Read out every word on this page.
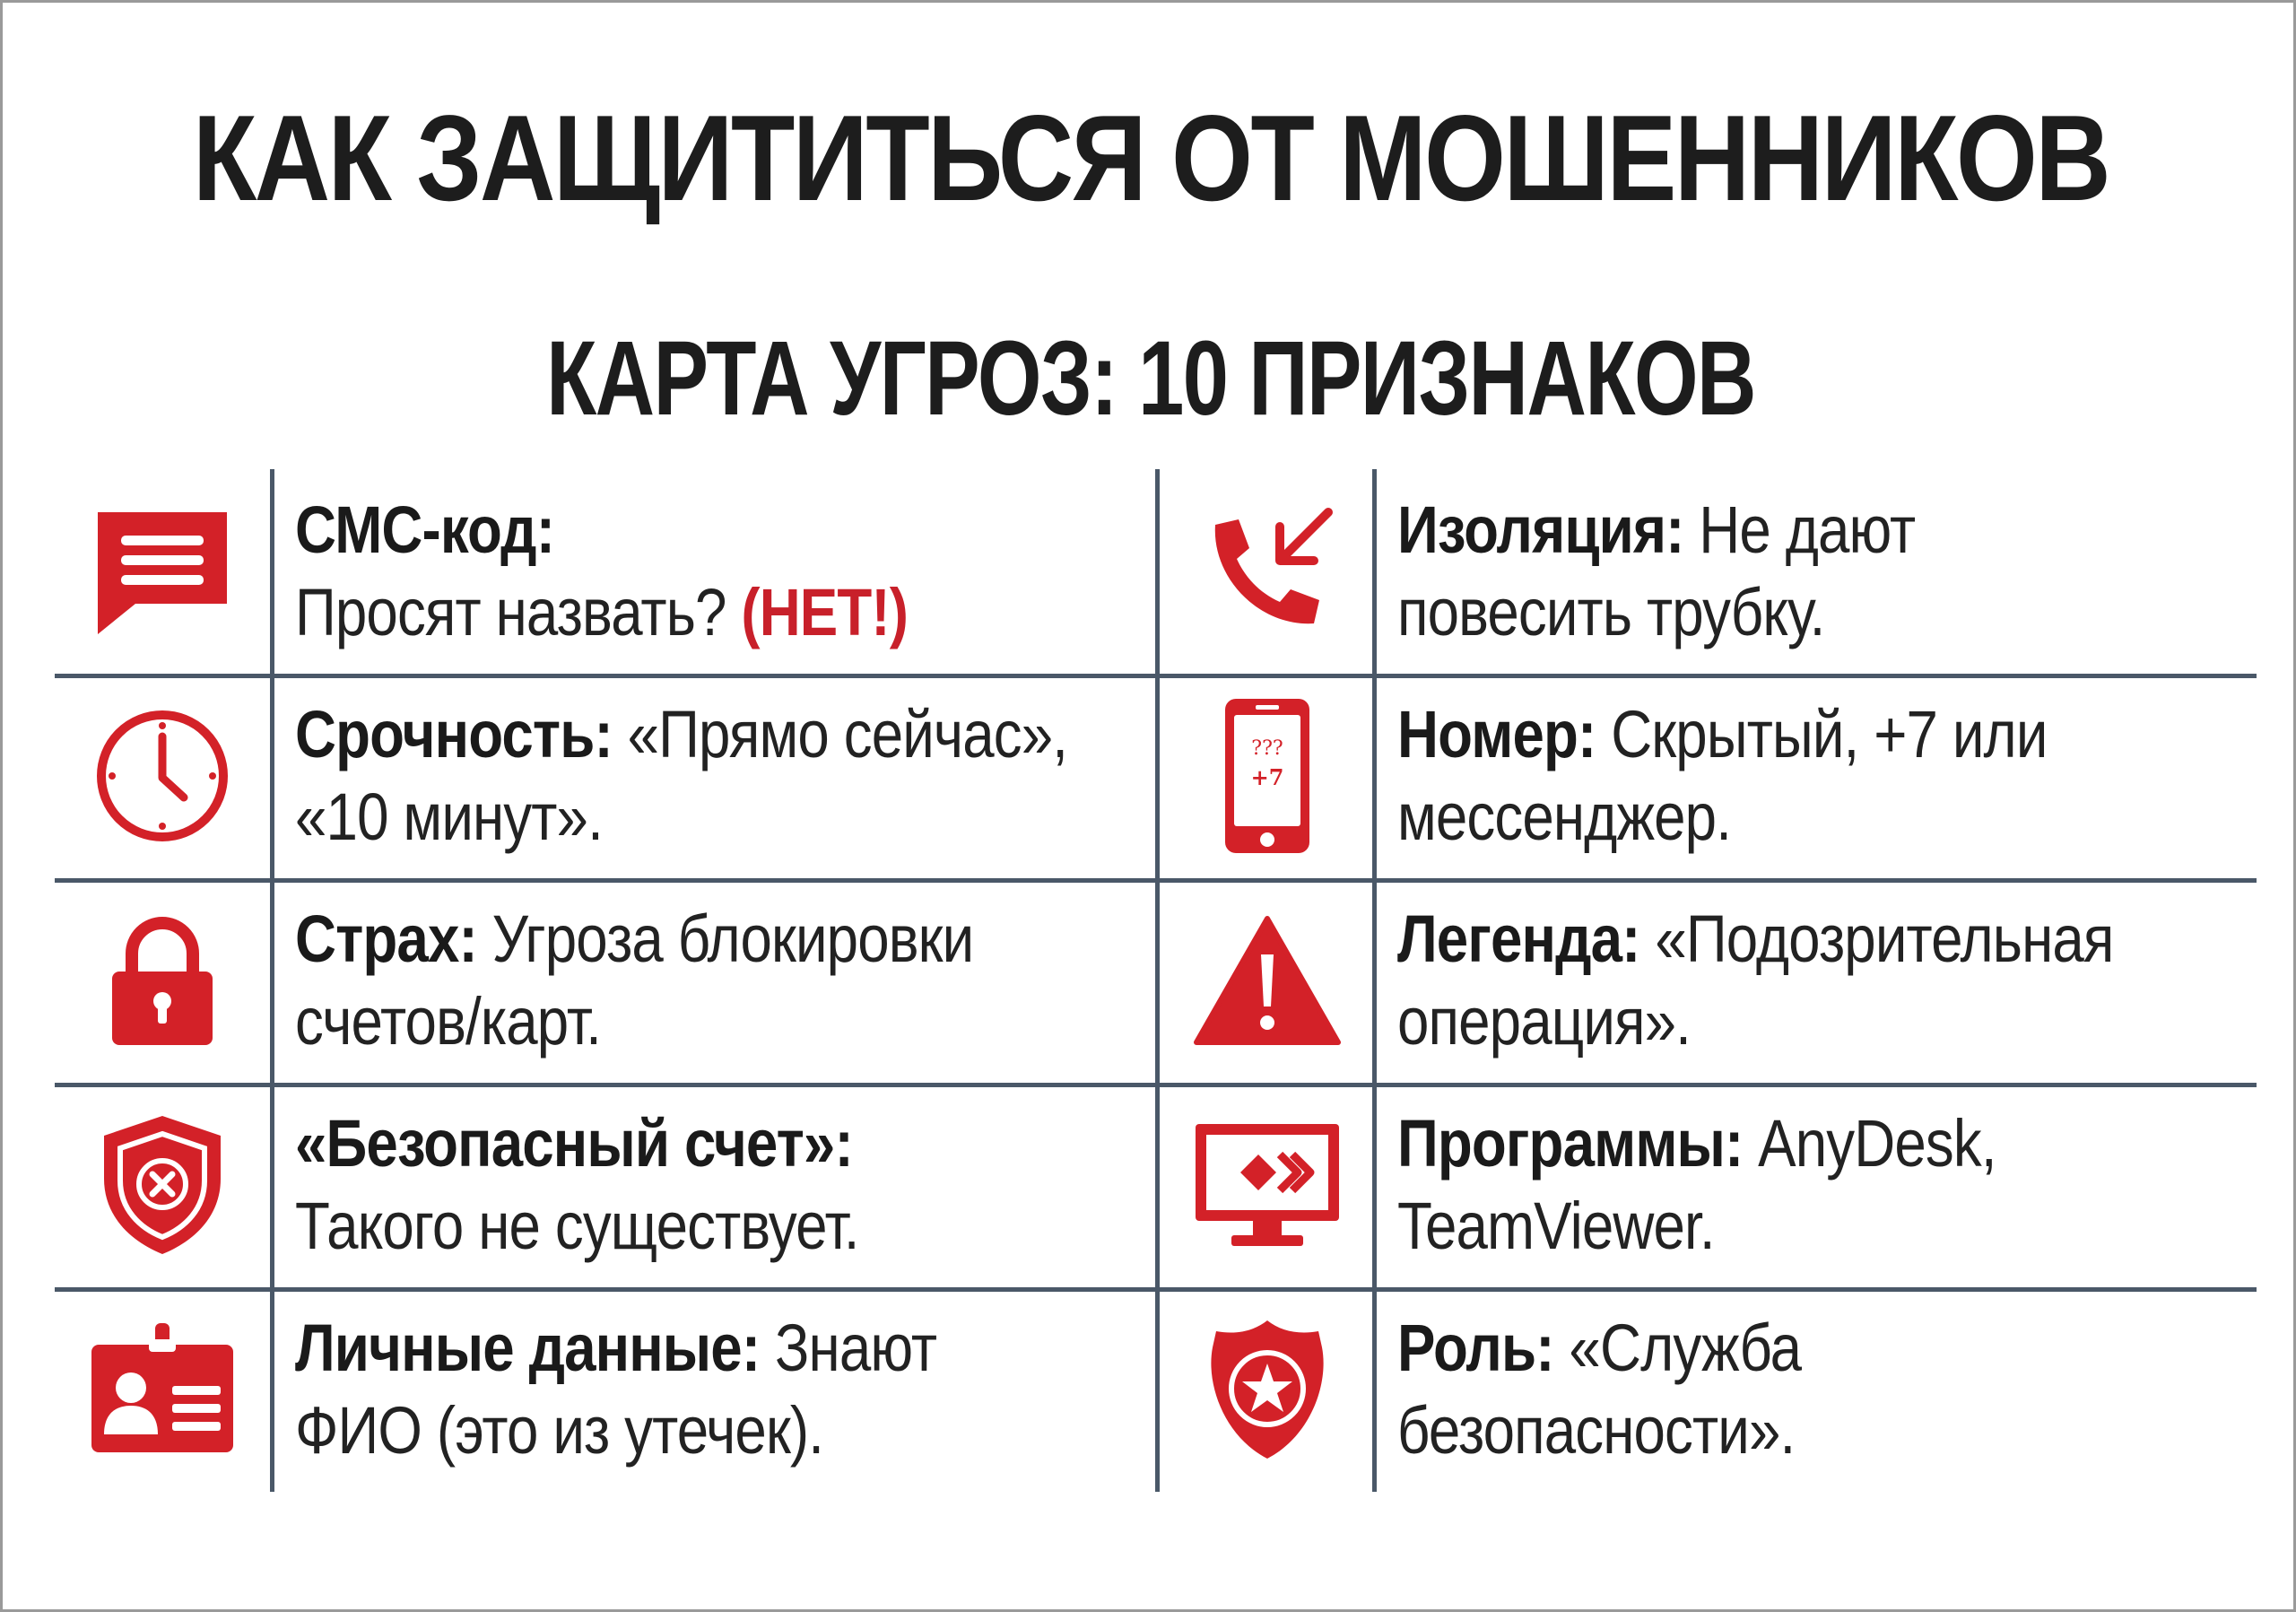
КАК ЗАЩИТИТЬСЯ ОТ МОШЕННИКОВ
КАРТА УГРОЗ: 10 ПРИЗНАКОВ
СМС-код:
Просят назвать? (НЕТ!)
Срочность: «Прямо сейчас»,
«10 минут».
Страх: Угроза блокировки
счетов/карт.
«Безопасный счет»:
Такого не существует.
Личные данные: Знают
ФИО (это из утечек).
Изоляция: Не дают
повесить трубку.
???
+7
Номер: Скрытый, +7 или
мессенджер.
Легенда: «Подозрительная
операция».
Программы: AnyDesk,
TeamViewer.
Роль: «Служба
безопасности».
